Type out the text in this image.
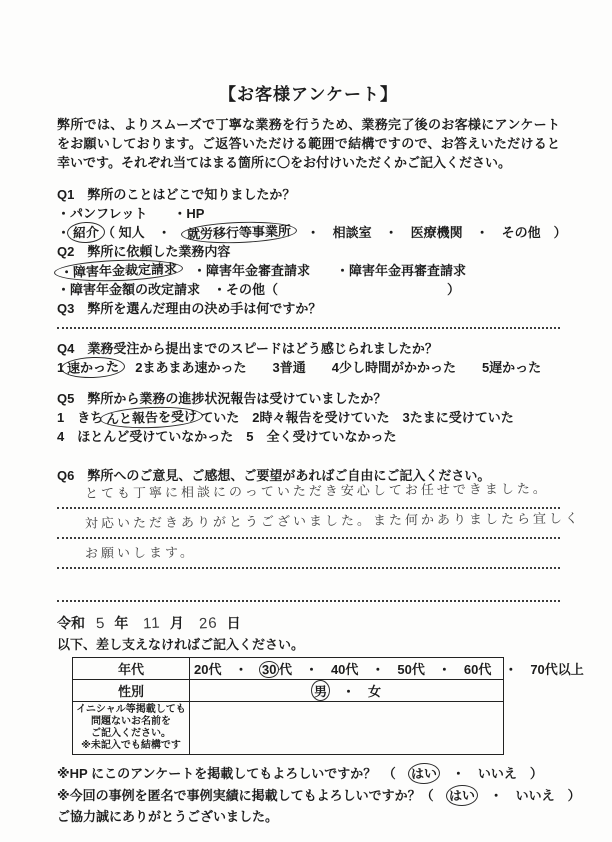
【お客様アンケート】
弊所では、よりスムーズで丁寧な業務を行うため、業務完了後のお客様にアンケートをお願いしております。ご返答いただける範囲で結構ですので、お答えいただけると幸いです。それぞれ当てはまる箇所に〇をお付けいただくかご記入ください。
Q1　弊所のことはどこで知りましたか？
・パンフレット　　・HP
・ 紹介 （ 知人　・　就労移行等事業所　・　相談室　・　医療機関　・　その他　）
Q2　弊所に依頼した業務内容
・障害年金裁定請求　・障害年金審査請求　　・障害年金再審査請求
・障害年金額の改定請求　・その他（　　　　　　　　　　　　　）
Q3　弊所を選んだ理由の決め手は何ですか？
Q4　業務受注から提出までのスピードはどう感じられましたか？
1 速かった　2まあまあ速かった　　3普通　　4少し時間がかかった　　5遅かった
Q5　弊所から業務の進捗状況報告は受けていましたか？
1　きち んと報告を受け ていた　2時々報告を受けていた　3たまに受けていた
4　ほとんど受けていなかった　5　全く受けていなかった
Q6　弊所へのご意見、ご感想、ご要望があればご自由にご記入ください。
とても丁寧に相談にのっていただき安心してお任せできました。
対応いただきありがとうございました。また何かありましたら宜しく
お願いします。
令和 5 年 11 月 26 日
以下、差し支えなければご記入ください。
年代	20代　・　30 代　・　40代　・　50代　・　60代　・　70代以上
性別	男　・　女

イニシャル等掲載しても
問題ないお名前を
ご記入ください。
※未記入でも結構です	

※HP にこのアンケートを掲載してもよろしいですか？　（　はい　・　いいえ　）
※今回の事例を匿名で事例実績に掲載してもよろしいですか？（　はい　・　いいえ　）
ご協力誠にありがとうございました。
